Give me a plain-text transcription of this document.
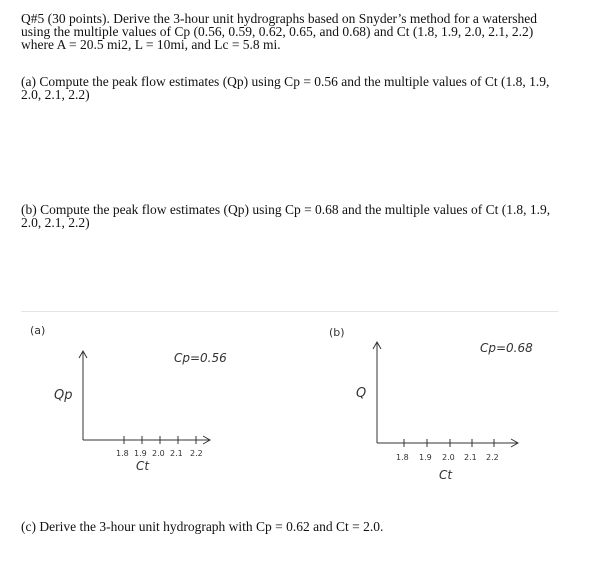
Q#5 (30 points). Derive the 3-hour unit hydrographs based on Snyder’s method for a watershed
using the multiple values of Cp (0.56, 0.59, 0.62, 0.65, and 0.68) and Ct (1.8, 1.9, 2.0, 2.1, 2.2)
where A = 20.5 mi2, L = 10mi, and Lc = 5.8 mi.
(a) Compute the peak flow estimates (Qp) using Cp = 0.56 and the multiple values of Ct (1.8, 1.9,
2.0, 2.1, 2.2)
(b) Compute the peak flow estimates (Qp) using Cp = 0.68 and the multiple values of Ct (1.8, 1.9,
2.0, 2.1, 2.2)
(a)
Cp=0.56
Qp
1.8 1.9 2.0 2.1 2.2
Ct
(b)
Cp=0.68
Q
1.8 1.9 2.0 2.1 2.2
Ct
(c) Derive the 3-hour unit hydrograph with Cp = 0.62 and Ct = 2.0.
